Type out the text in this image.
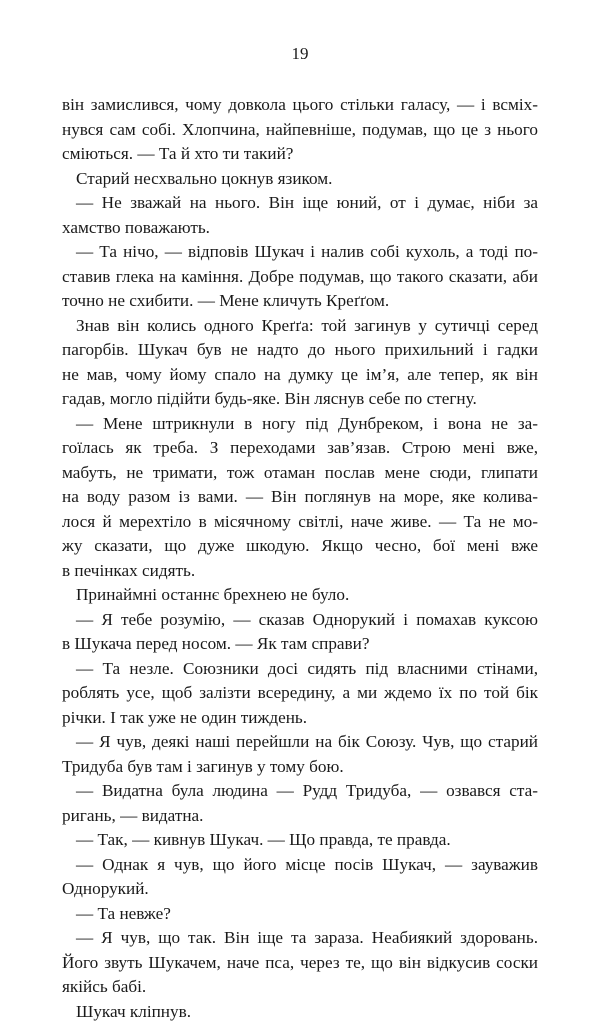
19
він замислився, чому довкола цього стільки галасу, — і всміх-
нувся сам собі. Хлопчина, найпевніше, подумав, що це з нього
сміються. — Та й хто ти такий?
Старий несхвально цокнув язиком.
— Не зважай на нього. Він іще юний, от і думає, ніби за
хамство поважають.
— Та нічо, — відповів Шукач і налив собі кухоль, а тоді по-
ставив глека на каміння. Добре подумав, що такого сказати, аби
точно не схибити. — Мене кличуть Креґґом.
Знав він колись одного Креґґа: той загинув у сутичці серед
пагорбів. Шукач був не надто до нього прихильний і гадки
не мав, чому йому спало на думку це ім’я, але тепер, як він
гадав, могло підійти будь-яке. Він ляснув себе по стегну.
— Мене штрикнули в ногу під Дунбреком, і вона не за-
гоїлась як треба. З переходами зав’язав. Строю мені вже,
мабуть, не тримати, тож отаман послав мене сюди, глипати
на воду разом із вами. — Він поглянув на море, яке колива-
лося й мерехтіло в місячному світлі, наче живе. — Та не мо-
жу сказати, що дуже шкодую. Якщо чесно, бої мені вже
в печінках сидять.
Принаймні останнє брехнею не було.
— Я тебе розумію, — сказав Однорукий і помахав куксою
в Шукача перед носом. — Як там справи?
— Та незле. Союзники досі сидять під власними стінами,
роблять усе, щоб залізти всередину, а ми ждемо їх по той бік
річки. І так уже не один тиждень.
— Я чув, деякі наші перейшли на бік Союзу. Чув, що старий
Тридуба був там і загинув у тому бою.
— Видатна була людина — Рудд Тридуба, — озвався ста-
ригань, — видатна.
— Так, — кивнув Шукач. — Що правда, те правда.
— Однак я чув, що його місце посів Шукач, — зауважив
Однорукий.
— Та невже?
— Я чув, що так. Він іще та зараза. Неабиякий здоровань.
Його звуть Шукачем, наче пса, через те, що він відкусив соски
якійсь бабі.
Шукач кліпнув.
